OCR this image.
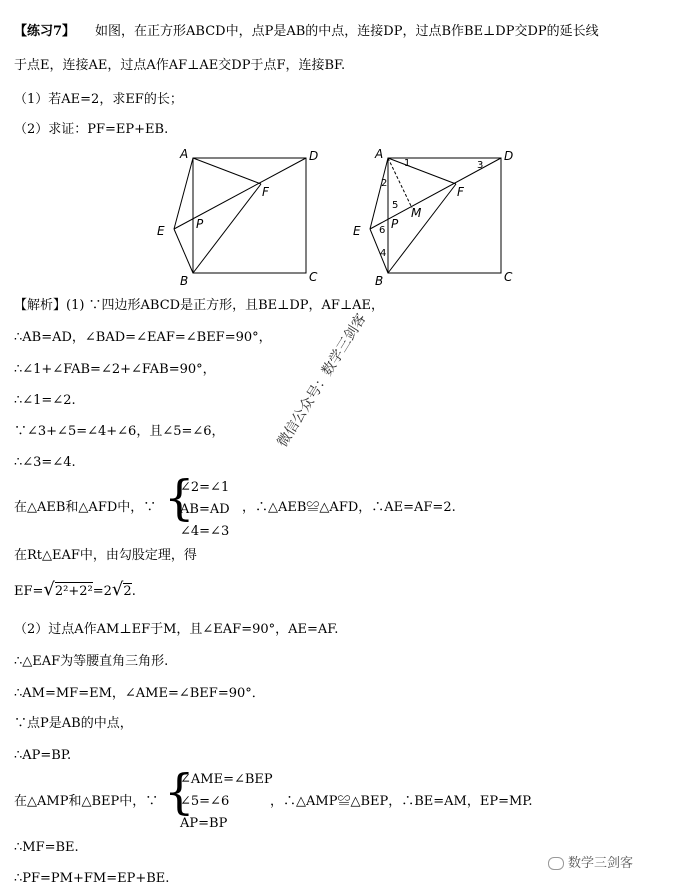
【练习7】 如图，在正方形ABCD中，点P是AB的中点，连接DP，过点B作BE⊥DP交DP的延长线
于点E，连接AE，过点A作AF⊥AE交DP于点F，连接BF.
（1）若AE=2，求EF的长；
（2）求证：PF=EP+EB.
A	D
F
E	P
B	C
A	D
F
E	P
B	C
M
1
2
3
4
5
6
【解析】(1) ∵四边形ABCD是正方形，且BE⊥DP，AF⊥AE，
∴AB=AD，∠BAD=∠EAF=∠BEF=90°，
∴∠1+∠FAB=∠2+∠FAB=90°，
∴∠1=∠2.
∵∠3+∠5=∠4+∠6，且∠5=∠6，
∴∠3=∠4.
在△AEB和△AFD中，∵ {
∠2=∠1
AB=AD
∠4=∠3
，∴△AEB≌△AFD，∴AE=AF=2.
在Rt△EAF中，由勾股定理，得
EF=√2²+2²=2√2.
（2）过点A作AM⊥EF于M，且∠EAF=90°，AE=AF.
∴△EAF为等腰直角三角形.
∴AM=MF=EM，∠AME=∠BEF=90°．
∵点P是AB的中点，
∴AP=BP.
在△AMP和△BEP中，∵ {
∠AME=∠BEP
∠5=∠6
AP=BP
，∴△AMP≌△BEP，∴BE=AM，EP=MP.
∴MF=BE.
∴PF=PM+FM=EP+BE.
微信公众号：数学三剑客
数学三剑客
